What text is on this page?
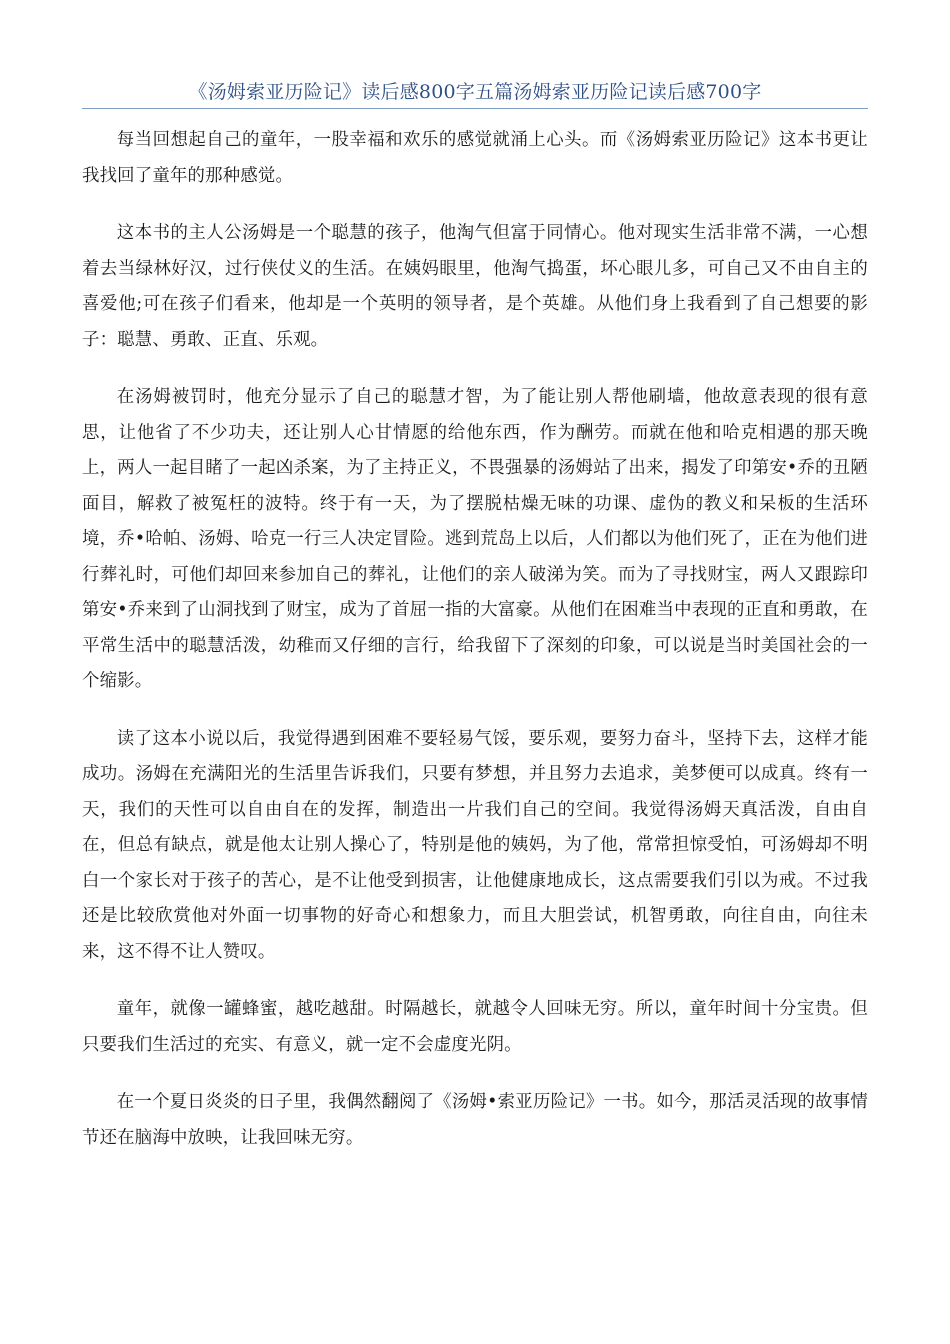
《汤姆索亚历险记》读后感800字五篇汤姆索亚历险记读后感700字

每当回想起自己的童年，一股幸福和欢乐的感觉就涌上心头。而《汤姆索亚历险记》这本书更让我找回了童年的那种感觉。

这本书的主人公汤姆是一个聪慧的孩子，他淘气但富于同情心。他对现实生活非常不满，一心想着去当绿林好汉，过行侠仗义的生活。在姨妈眼里，他淘气捣蛋，坏心眼儿多，可自己又不由自主的喜爱他;可在孩子们看来，他却是一个英明的领导者，是个英雄。从他们身上我看到了自己想要的影子：聪慧、勇敢、正直、乐观。

在汤姆被罚时，他充分显示了自己的聪慧才智，为了能让别人帮他刷墙，他故意表现的很有意思，让他省了不少功夫，还让别人心甘情愿的给他东西，作为酬劳。而就在他和哈克相遇的那天晚上，两人一起目睹了一起凶杀案，为了主持正义，不畏强暴的汤姆站了出来，揭发了印第安•乔的丑陋面目，解救了被冤枉的波特。终于有一天，为了摆脱枯燥无味的功课、虚伪的教义和呆板的生活环境，乔•哈帕、汤姆、哈克一行三人决定冒险。逃到荒岛上以后，人们都以为他们死了，正在为他们进行葬礼时，可他们却回来参加自己的葬礼，让他们的亲人破涕为笑。而为了寻找财宝，两人又跟踪印第安•乔来到了山洞找到了财宝，成为了首屈一指的大富豪。从他们在困难当中表现的正直和勇敢，在平常生活中的聪慧活泼，幼稚而又仔细的言行，给我留下了深刻的印象，可以说是当时美国社会的一个缩影。

读了这本小说以后，我觉得遇到困难不要轻易气馁，要乐观，要努力奋斗，坚持下去，这样才能成功。汤姆在充满阳光的生活里告诉我们，只要有梦想，并且努力去追求，美梦便可以成真。终有一天，我们的天性可以自由自在的发挥，制造出一片我们自己的空间。我觉得汤姆天真活泼，自由自在，但总有缺点，就是他太让别人操心了，特别是他的姨妈，为了他，常常担惊受怕，可汤姆却不明白一个家长对于孩子的苦心，是不让他受到损害，让他健康地成长，这点需要我们引以为戒。不过我还是比较欣赏他对外面一切事物的好奇心和想象力，而且大胆尝试，机智勇敢，向往自由，向往未来，这不得不让人赞叹。

童年，就像一罐蜂蜜，越吃越甜。时隔越长，就越令人回味无穷。所以，童年时间十分宝贵。但只要我们生活过的充实、有意义，就一定不会虚度光阴。

在一个夏日炎炎的日子里，我偶然翻阅了《汤姆•索亚历险记》一书。如今，那活灵活现的故事情节还在脑海中放映，让我回味无穷。
